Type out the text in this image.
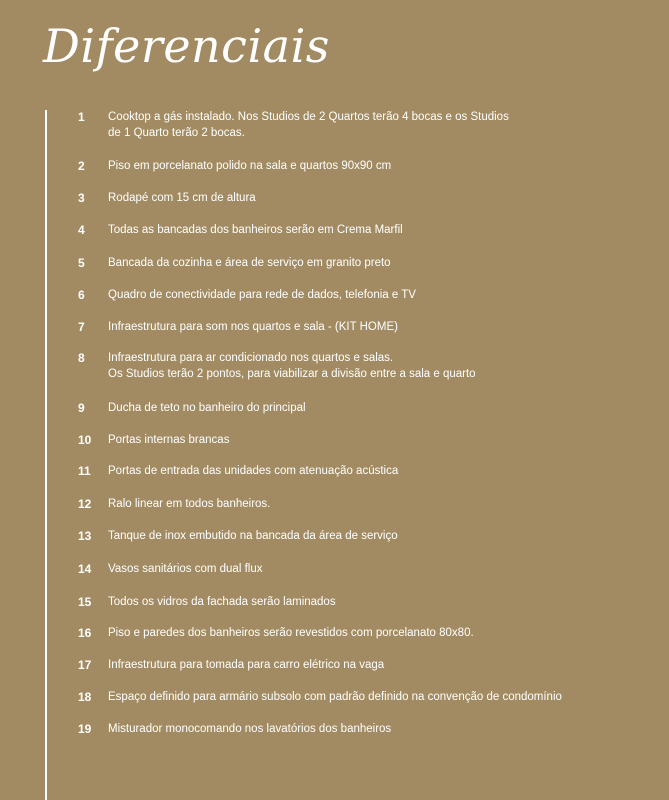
Diferenciais
1	Cooktop a gás instalado. Nos Studios de 2 Quartos terão 4 bocas e os Studios
de 1 Quarto terão 2 bocas.
2	Piso em porcelanato polido na sala e quartos 90x90 cm
3	Rodapé com 15 cm de altura
4	Todas as bancadas dos banheiros serão em Crema Marfil
5	Bancada da cozinha e área de serviço em granito preto
6	Quadro de conectividade para rede de dados, telefonia e TV
7	Infraestrutura para som nos quartos e sala - (KIT HOME)
8	Infraestrutura para ar condicionado nos quartos e salas.
Os Studios terão 2 pontos, para viabilizar a divisão entre a sala e quarto
9	Ducha de teto no banheiro do principal
10	Portas internas brancas
11	Portas de entrada das unidades com atenuação acústica
12	Ralo linear em todos banheiros.
13	Tanque de inox embutido na bancada da área de serviço
14	Vasos sanitários com dual flux
15	Todos os vidros da fachada serão laminados
16	Piso e paredes dos banheiros serão revestidos com porcelanato 80x80.
17	Infraestrutura para tomada para carro elétrico na vaga
18	Espaço definido para armário subsolo com padrão definido na convenção de condomínio
19	Misturador monocomando nos lavatórios dos banheiros
